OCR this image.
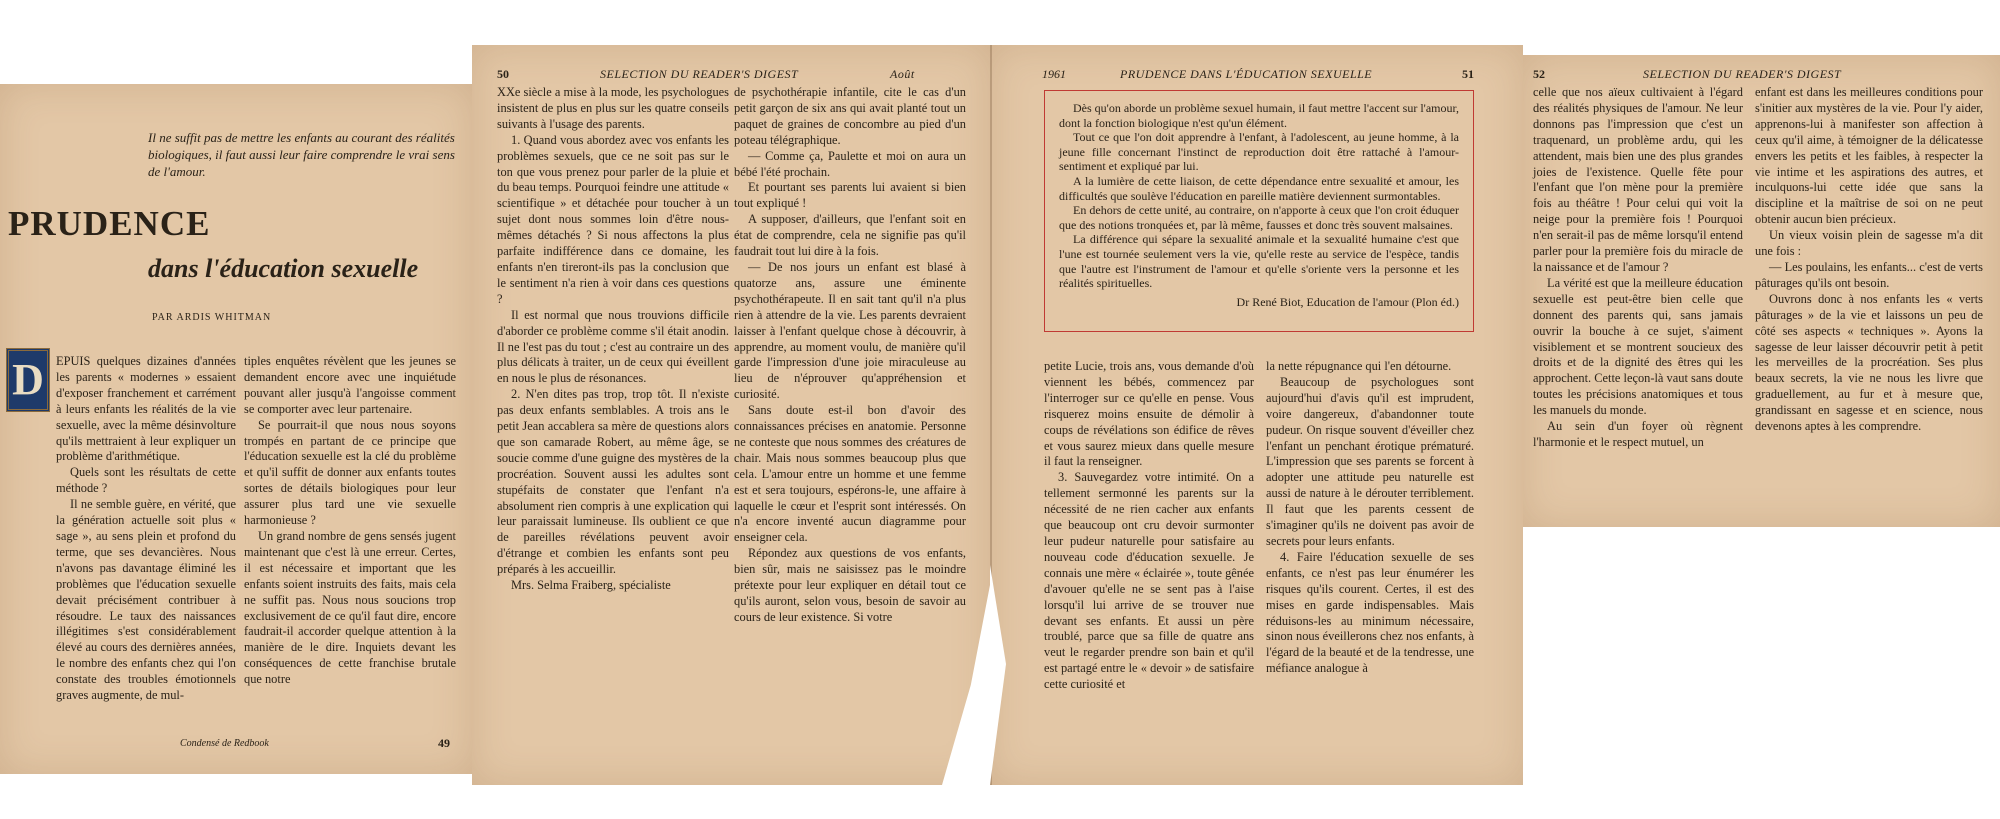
Il ne suffit pas de mettre les enfants au courant des réalités biologiques, il faut aussi leur faire comprendre le vrai sens de l'amour.

PRUDENCE
dans l'éducation sexuelle
PAR ARDIS WHITMAN
D EPUIS quelques dizaines d'années les parents « modernes » essaient d'exposer franchement et carrément à leurs enfants les réalités de la vie sexuelle, avec la même désinvolture qu'ils mettraient à leur expliquer un problème d'arithmétique.

Quels sont les résultats de cette méthode ?

Il ne semble guère, en vérité, que la génération actuelle soit plus « sage », au sens plein et profond du terme, que ses devancières. Nous n'avons pas davantage éliminé les problèmes que l'éducation sexuelle devait précisément contribuer à résoudre. Le taux des naissances illégitimes s'est considérablement élevé au cours des dernières années, le nombre des enfants chez qui l'on constate des troubles émotionnels graves augmente, de mul-

tiples enquêtes révèlent que les jeunes se demandent encore avec une inquiétude pouvant aller jusqu'à l'angoisse comment se comporter avec leur partenaire.

Se pourrait-il que nous nous soyons trompés en partant de ce principe que l'éducation sexuelle est la clé du problème et qu'il suffit de donner aux enfants toutes sortes de détails biologiques pour leur assurer plus tard une vie sexuelle harmonieuse ?

Un grand nombre de gens sensés jugent maintenant que c'est là une erreur. Certes, il est nécessaire et important que les enfants soient instruits des faits, mais cela ne suffit pas. Nous nous soucions trop exclusivement de ce qu'il faut dire, encore faudrait-il accorder quelque attention à la manière de le dire. Inquiets devant les conséquences de cette franchise brutale que notre

Condensé de Redbook	49
50	SELECTION DU READER'S DIGEST	Août

XXe siècle a mise à la mode, les psychologues insistent de plus en plus sur les quatre conseils suivants à l'usage des parents.

1. Quand vous abordez avec vos enfants les problèmes sexuels, que ce ne soit pas sur le ton que vous prenez pour parler de la pluie et du beau temps. Pourquoi feindre une attitude « scientifique » et détachée pour toucher à un sujet dont nous sommes loin d'être nous-mêmes détachés ? Si nous affectons la plus parfaite indifférence dans ce domaine, les enfants n'en tireront-ils pas la conclusion que le sentiment n'a rien à voir dans ces questions ?

Il est normal que nous trouvions difficile d'aborder ce problème comme s'il était anodin. Il ne l'est pas du tout ; c'est au contraire un des plus délicats à traiter, un de ceux qui éveillent en nous le plus de résonances.

2. N'en dites pas trop, trop tôt. Il n'existe pas deux enfants semblables. A trois ans le petit Jean accablera sa mère de questions alors que son camarade Robert, au même âge, se soucie comme d'une guigne des mystères de la procréation. Souvent aussi les adultes sont stupéfaits de constater que l'enfant n'a absolument rien compris à une explication qui leur paraissait lumineuse. Ils oublient ce que de pareilles révélations peuvent avoir d'étrange et combien les enfants sont peu préparés à les accueillir.

Mrs. Selma Fraiberg, spécialiste

de psychothérapie infantile, cite le cas d'un petit garçon de six ans qui avait planté tout un paquet de graines de concombre au pied d'un poteau télégraphique.

— Comme ça, Paulette et moi on aura un bébé l'été prochain.

Et pourtant ses parents lui avaient si bien tout expliqué !

A supposer, d'ailleurs, que l'enfant soit en état de comprendre, cela ne signifie pas qu'il faudrait tout lui dire à la fois.

— De nos jours un enfant est blasé à quatorze ans, assure une éminente psychothérapeute. Il en sait tant qu'il n'a plus rien à attendre de la vie. Les parents devraient laisser à l'enfant quelque chose à découvrir, à apprendre, au moment voulu, de manière qu'il garde l'impression d'une joie miraculeuse au lieu de n'éprouver qu'appréhension et curiosité.

Sans doute est-il bon d'avoir des connaissances précises en anatomie. Personne ne conteste que nous sommes des créatures de chair. Mais nous sommes beaucoup plus que cela. L'amour entre un homme et une femme est et sera toujours, espérons-le, une affaire à laquelle le cœur et l'esprit sont intéressés. On n'a encore inventé aucun diagramme pour enseigner cela.

Répondez aux questions de vos enfants, bien sûr, mais ne saisissez pas le moindre prétexte pour leur expliquer en détail tout ce qu'ils auront, selon vous, besoin de savoir au cours de leur existence. Si votre

1961	PRUDENCE DANS L'ÉDUCATION SEXUELLE	51

Dès qu'on aborde un problème sexuel humain, il faut mettre l'accent sur l'amour, dont la fonction biologique n'est qu'un élément.

Tout ce que l'on doit apprendre à l'enfant, à l'adolescent, au jeune homme, à la jeune fille concernant l'instinct de reproduction doit être rattaché à l'amour-sentiment et expliqué par lui.

A la lumière de cette liaison, de cette dépendance entre sexualité et amour, les difficultés que soulève l'éducation en pareille matière deviennent surmontables.

En dehors de cette unité, au contraire, on n'apporte à ceux que l'on croit éduquer que des notions tronquées et, par là même, fausses et donc très souvent malsaines.

La différence qui sépare la sexualité animale et la sexualité humaine c'est que l'une est tournée seulement vers la vie, qu'elle reste au service de l'espèce, tandis que l'autre est l'instrument de l'amour et qu'elle s'oriente vers la personne et les réalités spirituelles.

Dr René Biot, Education de l'amour (Plon éd.)

petite Lucie, trois ans, vous demande d'où viennent les bébés, commencez par l'interroger sur ce qu'elle en pense. Vous risquerez moins ensuite de démolir à coups de révélations son édifice de rêves et vous saurez mieux dans quelle mesure il faut la renseigner.

3. Sauvegardez votre intimité. On a tellement sermonné les parents sur la nécessité de ne rien cacher aux enfants que beaucoup ont cru devoir surmonter leur pudeur naturelle pour satisfaire au nouveau code d'éducation sexuelle. Je connais une mère « éclairée », toute gênée d'avouer qu'elle ne se sent pas à l'aise lorsqu'il lui arrive de se trouver nue devant ses enfants. Et aussi un père troublé, parce que sa fille de quatre ans veut le regarder prendre son bain et qu'il est partagé entre le « devoir » de satisfaire cette curiosité et

la nette répugnance qui l'en détourne.

Beaucoup de psychologues sont aujourd'hui d'avis qu'il est imprudent, voire dangereux, d'abandonner toute pudeur. On risque souvent d'éveiller chez l'enfant un penchant érotique prématuré. L'impression que ses parents se forcent à adopter une attitude peu naturelle est aussi de nature à le dérouter terriblement. Il faut que les parents cessent de s'imaginer qu'ils ne doivent pas avoir de secrets pour leurs enfants.

4. Faire l'éducation sexuelle de ses enfants, ce n'est pas leur énumérer les risques qu'ils courent. Certes, il est des mises en garde indispensables. Mais réduisons-les au minimum nécessaire, sinon nous éveillerons chez nos enfants, à l'égard de la beauté et de la tendresse, une méfiance analogue à

52	SELECTION DU READER'S DIGEST

celle que nos aïeux cultivaient à l'égard des réalités physiques de l'amour. Ne leur donnons pas l'impression que c'est un traquenard, un problème ardu, qui les attendent, mais bien une des plus grandes joies de l'existence. Quelle fête pour l'enfant que l'on mène pour la première fois au théâtre ! Pour celui qui voit la neige pour la première fois ! Pourquoi n'en serait-il pas de même lorsqu'il entend parler pour la première fois du miracle de la naissance et de l'amour ?

La vérité est que la meilleure éducation sexuelle est peut-être bien celle que donnent des parents qui, sans jamais ouvrir la bouche à ce sujet, s'aiment visiblement et se montrent soucieux des droits et de la dignité des êtres qui les approchent. Cette leçon-là vaut sans doute toutes les précisions anatomiques et tous les manuels du monde.

Au sein d'un foyer où règnent l'harmonie et le respect mutuel, un

enfant est dans les meilleures conditions pour s'initier aux mystères de la vie. Pour l'y aider, apprenons-lui à manifester son affection à ceux qu'il aime, à témoigner de la délicatesse envers les petits et les faibles, à respecter la vie intime et les aspirations des autres, et inculquons-lui cette idée que sans la discipline et la maîtrise de soi on ne peut obtenir aucun bien précieux.

Un vieux voisin plein de sagesse m'a dit une fois :

— Les poulains, les enfants... c'est de verts pâturages qu'ils ont besoin.

Ouvrons donc à nos enfants les « verts pâturages » de la vie et laissons un peu de côté ses aspects « techniques ». Ayons la sagesse de leur laisser découvrir petit à petit les merveilles de la procréation. Ses plus beaux secrets, la vie ne nous les livre que graduellement, au fur et à mesure que, grandissant en sagesse et en science, nous devenons aptes à les comprendre.
